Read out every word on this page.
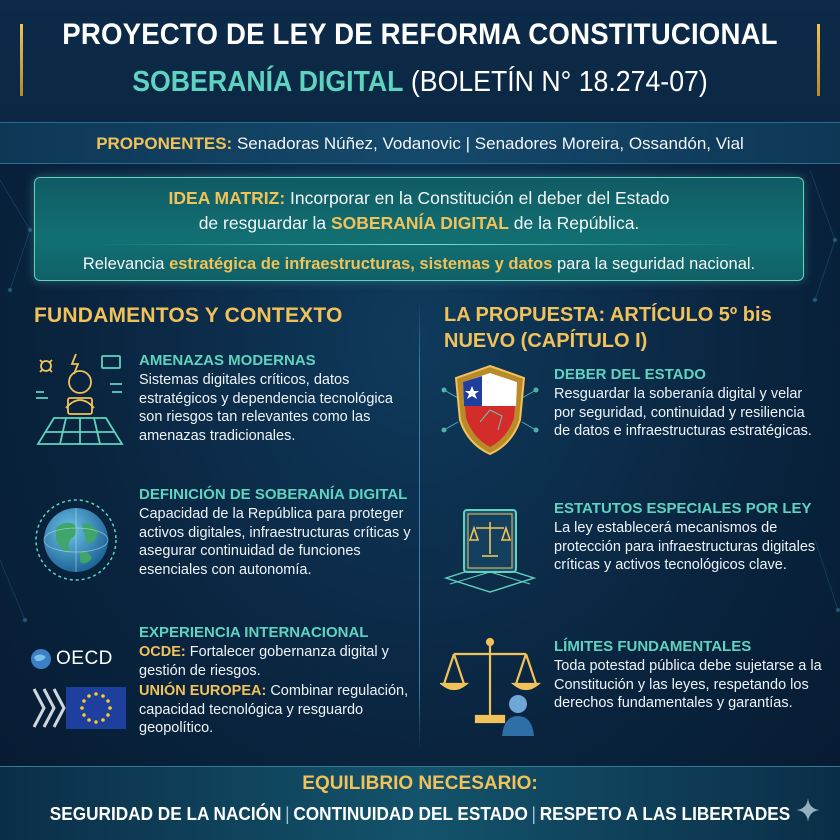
PROYECTO DE LEY DE REFORMA CONSTITUCIONAL
SOBERANÍA DIGITAL (BOLETÍN N° 18.274-07)
PROPONENTES: Senadoras Núñez, Vodanovic | Senadores Moreira, Ossandón, Vial
IDEA MATRIZ: Incorporar en la Constitución el deber del Estado
de resguardar la SOBERANÍA DIGITAL de la República.
Relevancia estratégica de infraestructuras, sistemas y datos para la seguridad nacional.
FUNDAMENTOS Y CONTEXTO	LA PROPUESTA: ARTÍCULO 5º bis NUEVO (CAPÍTULO I)
OECD
AMENAZAS MODERNAS
Sistemas digitales críticos, datos estratégicos y dependencia tecnológica son riesgos tan relevantes como las amenazas tradicionales.
DEFINICIÓN DE SOBERANÍA DIGITAL
Capacidad de la República para proteger activos digitales, infraestructuras críticas y asegurar continuidad de funciones esenciales con autonomía.
EXPERIENCIA INTERNACIONAL
OCDE: Fortalecer gobernanza digital y gestión de riesgos.
UNIÓN EUROPEA: Combinar regulación, capacidad tecnológica y resguardo geopolítico.
DEBER DEL ESTADO
Resguardar la soberanía digital y velar por seguridad, continuidad y resiliencia de datos e infraestructuras estratégicas.
ESTATUTOS ESPECIALES POR LEY
La ley establecerá mecanismos de protección para infraestructuras digitales críticas y activos tecnológicos clave.
LÍMITES FUNDAMENTALES
Toda potestad pública debe sujetarse a la Constitución y las leyes, respetando los derechos fundamentales y garantías.
EQUILIBRIO NECESARIO:
SEGURIDAD DE LA NACIÓN | CONTINUIDAD DEL ESTADO | RESPETO A LAS LIBERTADES
